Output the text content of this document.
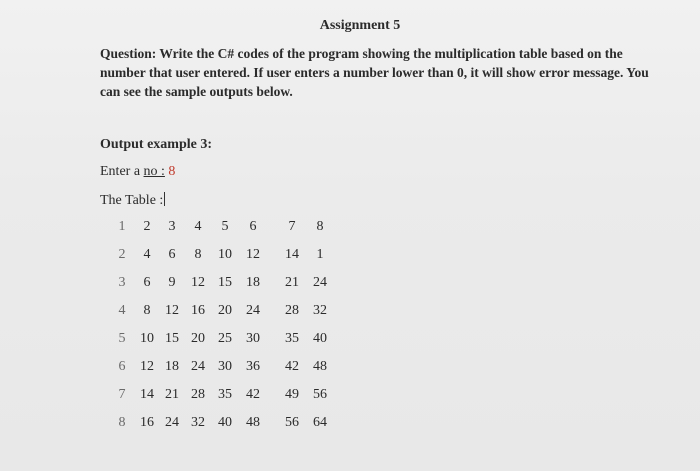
Assignment 5
Question: Write the C# codes of the program showing the multiplication table based on the number that user entered. If user enters a number lower than 0, it will show error message. You can see the sample outputs below.
Output example 3:
Enter a no : 8
The Table :
1	2	3	4	5	6	7	8
2	4	6	8	10	12	14	1
3	6	9	12 15	18	21	24
4	8	12 16 20	24	28	32
5	10 15 20 25	30	35	40
6	12 18 24 30	36	42	48
7	14 21 28 35	42	49	56
8	16 24 32 40	48	56	64
